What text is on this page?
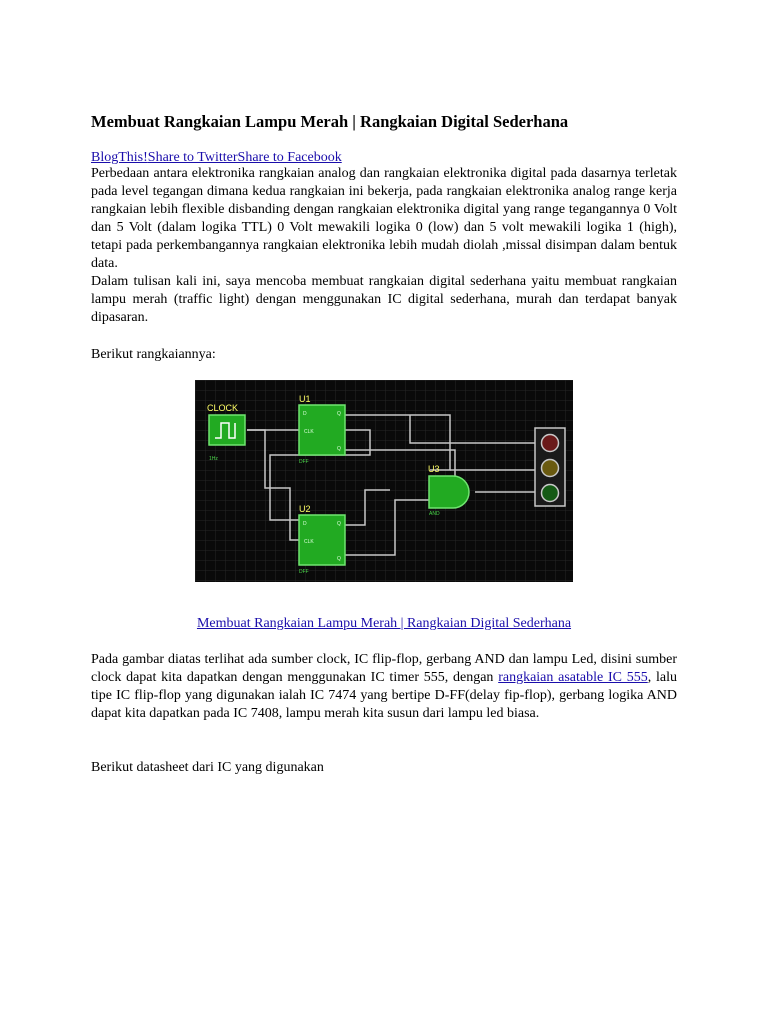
Membuat Rangkaian Lampu Merah | Rangkaian Digital Sederhana
BlogThis!Share to TwitterShare to Facebook

Perbedaan antara elektronika rangkaian analog dan rangkaian elektronika digital pada dasarnya terletak pada level tegangan dimana kedua rangkaian ini bekerja, pada rangkaian elektronika analog range kerja rangkaian lebih flexible disbanding dengan rangkaian elektronika digital yang range tegangannya 0 Volt dan 5 Volt (dalam logika TTL) 0 Volt mewakili logika 0 (low) dan 5 volt mewakili logika 1 (high), tetapi pada perkembangannya rangkaian elektronika lebih mudah diolah ,missal disimpan dalam bentuk data.

Dalam tulisan kali ini, saya mencoba membuat rangkaian digital sederhana yaitu membuat rangkaian lampu merah (traffic light) dengan menggunakan IC digital sederhana, murah dan terdapat banyak dipasaran.

Berikut rangkaiannya:

CLOCK
1Hz
U1
D	Q
CLK
Q
DFF
U2
D	Q
CLK
Q
DFF
U3
AND
Membuat Rangkaian Lampu Merah | Rangkaian Digital Sederhana

Pada gambar diatas terlihat ada sumber clock, IC flip-flop, gerbang AND dan lampu Led, disini sumber clock dapat kita dapatkan dengan menggunakan IC timer 555, dengan rangkaian asatable IC 555, lalu tipe IC flip-flop yang digunakan ialah IC 7474 yang bertipe D-FF(delay fip-flop), gerbang logika AND dapat kita dapatkan pada IC 7408, lampu merah kita susun dari lampu led biasa.

Berikut datasheet dari IC yang digunakan
